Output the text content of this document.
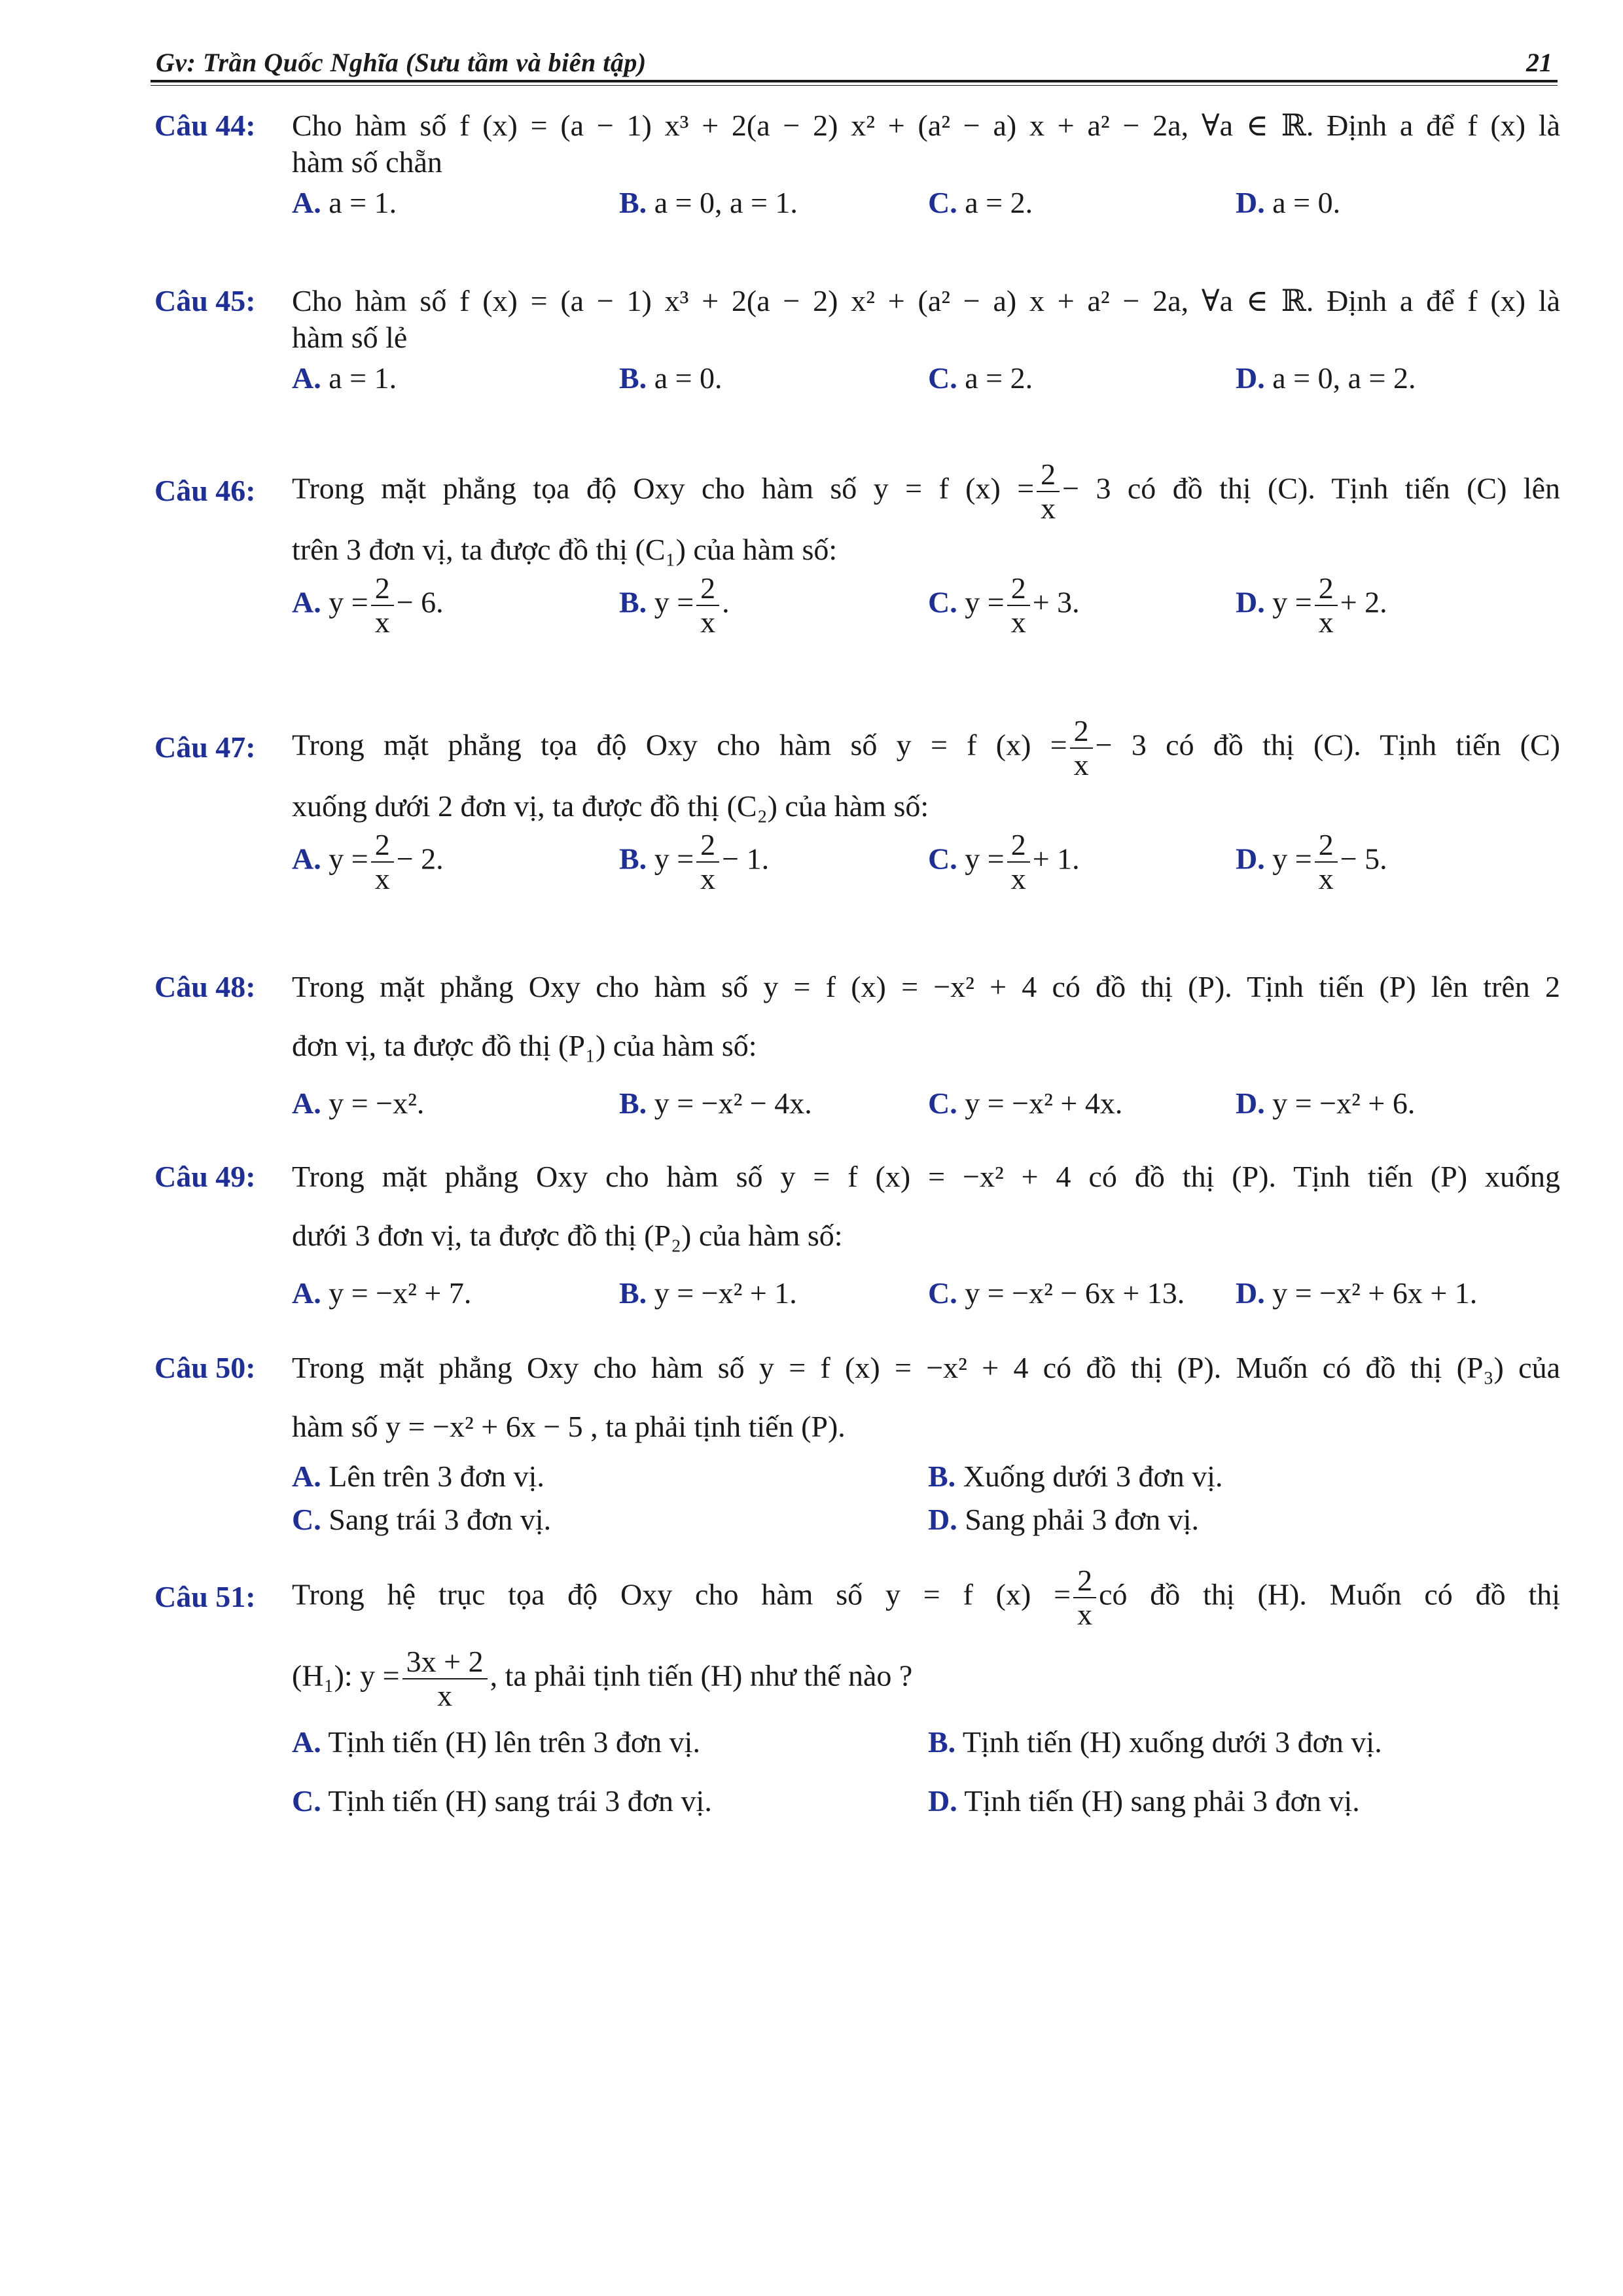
Gv: Trần Quốc Nghĩa (Sưu tầm và biên tập)	21
Câu 44: Cho hàm số f (x) = (a − 1) x³ + 2(a − 2) x² + (a² − a) x + a² − 2a, ∀a ∈ ℝ. Định a để f (x) là
hàm số chẵn
A. a = 1.	B. a = 0, a = 1.	C. a = 2.	D. a = 0.
Câu 45: Cho hàm số f (x) = (a − 1) x³ + 2(a − 2) x² + (a² − a) x + a² − 2a, ∀a ∈ ℝ. Định a để f (x) là
hàm số lẻ
A. a = 1.	B. a = 0.	C. a = 2.	D. a = 0, a = 2.
Câu 46: Trong mặt phẳng tọa độ Oxy cho hàm số y = f $(x) = \frac{2}{x} - 3$ có đồ thị (C). Tịnh tiến (C) lên
trên 3 đơn vị, ta được đồ thị (C₁) của hàm số:
A. $y = \frac{2}{x} - 6$.	B. $y = \frac{2}{x}$ .	C. $y = \frac{2}{x} + 3$.	D. $y = \frac{2}{x} + 2$.
Câu 47: Trong mặt phẳng tọa độ Oxy cho hàm số y = f $(x) = \frac{2}{x} - 3$ có đồ thị (C). Tịnh tiến (C)
xuống dưới 2 đơn vị, ta được đồ thị (C₂) của hàm số:
A. $y = \frac{2}{x} - 2$.	B. $y = \frac{2}{x} - 1$.	C. $y = \frac{2}{x} + 1$.	D. $y = \frac{2}{x} - 5$.
Câu 48: Trong mặt phẳng Oxy cho hàm số y = f (x) = −x² + 4 có đồ thị (P). Tịnh tiến (P) lên trên 2
đơn vị, ta được đồ thị (P₁) của hàm số:
A. y = −x².	B. y = −x² − 4x.	C. y = −x² + 4x.	D. y = −x² + 6.
Câu 49: Trong mặt phẳng Oxy cho hàm số y = f (x) = −x² + 4 có đồ thị (P). Tịnh tiến (P) xuống
dưới 3 đơn vị, ta được đồ thị (P₂) của hàm số:
A. y = −x² + 7.	B. y = −x² + 1.	C. y = −x² − 6x + 13. D. y = −x² + 6x + 1.
Câu 50: Trong mặt phẳng Oxy cho hàm số y = f (x) = −x² + 4 có đồ thị (P). Muốn có đồ thị (P₃) của
hàm số y = −x² + 6x − 5 , ta phải tịnh tiến (P).
A. Lên trên 3 đơn vị.	B. Xuống dưới 3 đơn vị.
C. Sang trái 3 đơn vị.	D. Sang phải 3 đơn vị.
Câu 51: Trong hệ trục tọa độ Oxy cho hàm số y = f $(x) = \frac{2}{x}$ có đồ thị (H). Muốn có đồ thị
(H₁): $y = \frac{3x + 2}{x}$ , ta phải tịnh tiến (H) như thế nào ?
A. Tịnh tiến (H) lên trên 3 đơn vị.	B. Tịnh tiến (H) xuống dưới 3 đơn vị.
C. Tịnh tiến (H) sang trái 3 đơn vị.	D. Tịnh tiến (H) sang phải 3 đơn vị.
